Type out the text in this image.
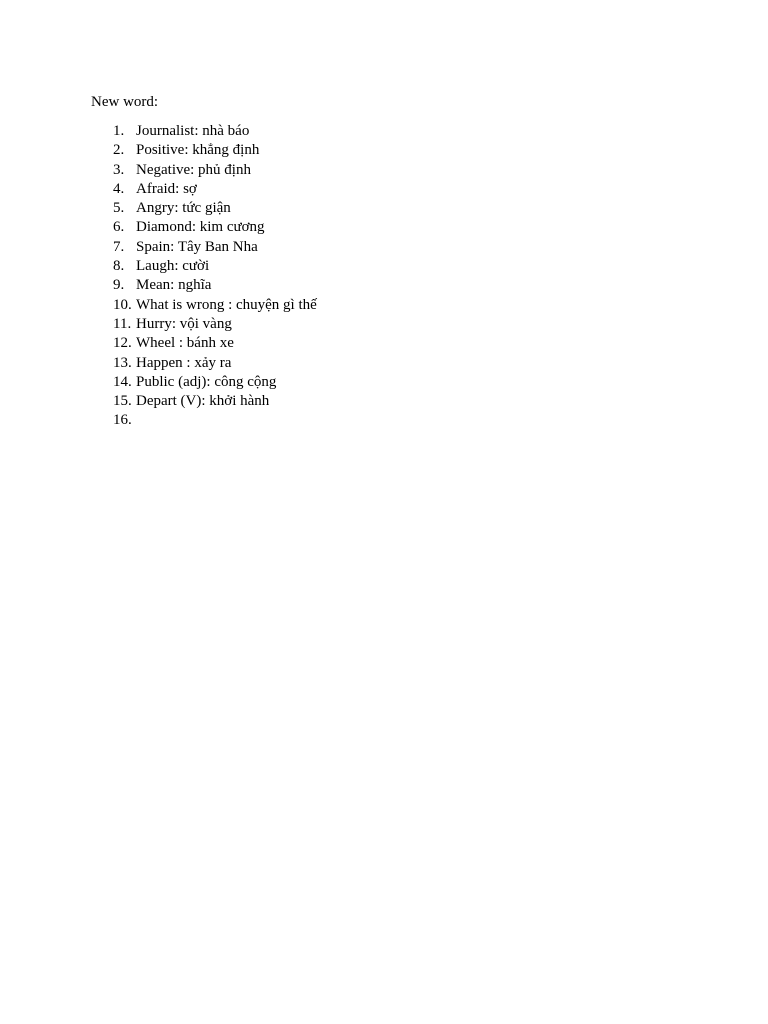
New word:
1. Journalist: nhà báo
2. Positive: khẳng định
3. Negative: phủ định
4. Afraid: sợ
5. Angry: tức giận
6. Diamond: kim cương
7. Spain: Tây Ban Nha
8. Laugh: cười
9. Mean: nghĩa
10. What is wrong : chuyện gì thế
11. Hurry: vội vàng
12. Wheel : bánh xe
13. Happen : xảy ra
14. Public (adj): công cộng
15. Depart (V): khởi hành
16.
